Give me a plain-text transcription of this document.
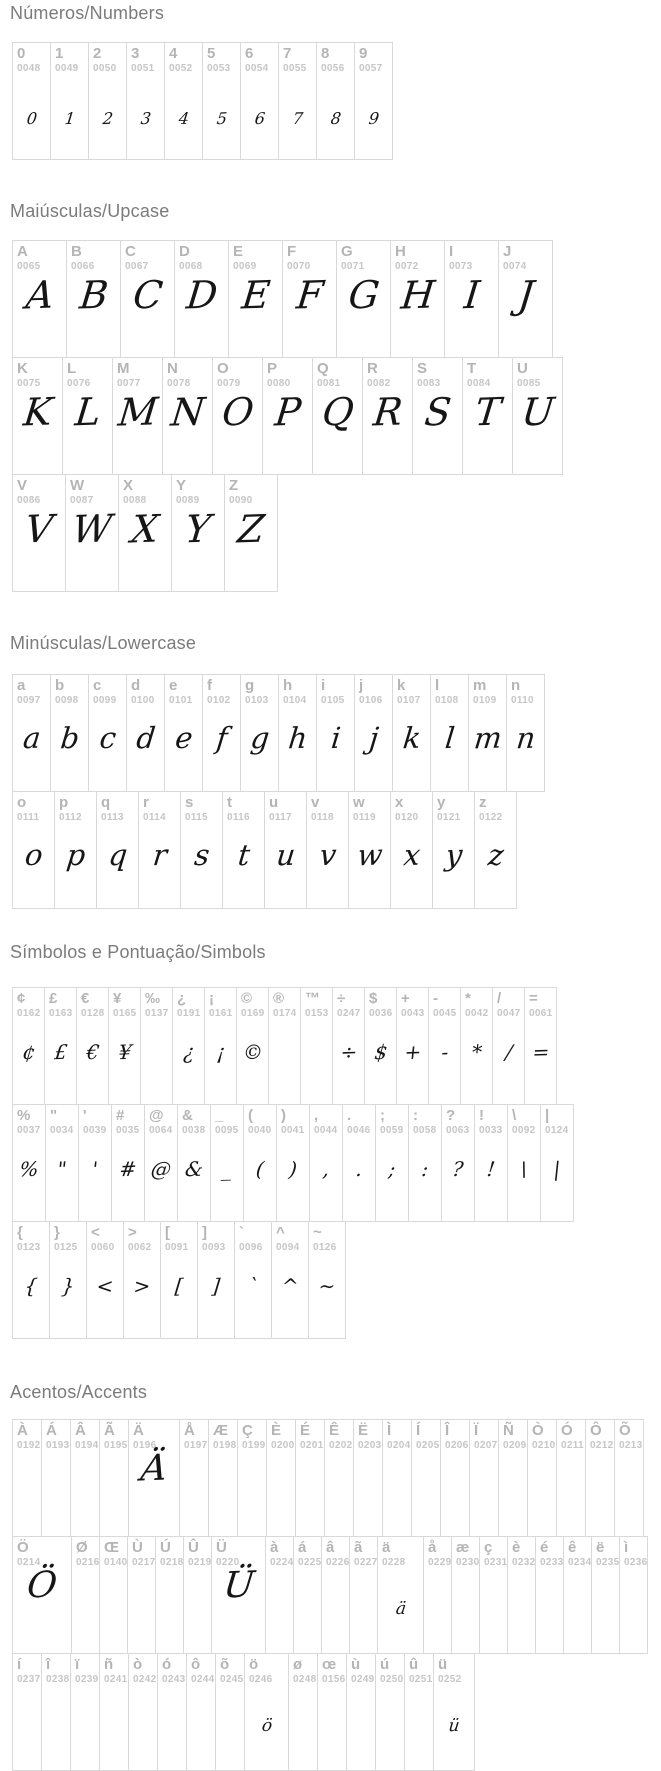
Números/Numbers
0
0048
0
1
0049
1
2
0050
2
3
0051
3
4
0052
4
5
0053
5
6
0054
6
7
0055
7
8
0056
8
9
0057
9
Maiúsculas/Upcase
A
0065
A
B
0066
B
C
0067
C
D
0068
D
E
0069
E
F
0070
F
G
0071
G
H
0072
H
I
0073
I
J
0074
J
K
0075
K
L
0076
L
M
0077
M
N
0078
N
O
0079
O
P
0080
P
Q
0081
Q
R
0082
R
S
0083
S
T
0084
T
U
0085
U
V
0086
V
W
0087
W
X
0088
X
Y
0089
Y
Z
0090
Z
Minúsculas/Lowercase
a
0097
a
b
0098
b
c
0099
c
d
0100
d
e
0101
e
f
0102
f
g
0103
g
h
0104
h
i
0105
i
j
0106
j
k
0107
k
l
0108
l
m
0109
m
n
0110
n
o
0111
o
p
0112
p
q
0113
q
r
0114
r
s
0115
s
t
0116
t
u
0117
u
v
0118
v
w
0119
w
x
0120
x
y
0121
y
z
0122
z
Símbolos e Pontuação/Simbols
¢
0162
¢
£
0163
£
€
0128
€
¥
0165
¥
‰
0137
¿
0191
¿
¡
0161
¡
©
0169
©
®
0174
™
0153
÷
0247
÷
$
0036
$
+
0043
+
-
0045
-
*
0042
*
/
0047
/
=
0061
=
%
0037
%
"
0034
"
'
0039
'
#
0035
#
@
0064
@
&
0038
&
_
0095
_
(
0040
(
)
0041
)
,
0044
,
.
0046
.
;
0059
;
:
0058
:
?
0063
?
!
0033
!
\
0092
\
|
0124
|
{
0123
{
}
0125
}
<
0060
<
>
0062
>
[
0091
[
]
0093
]
`
0096
`
^
0094
^
~
0126
~
Acentos/Accents
À
0192
Á
0193
Â
0194
Ã
0195
Ä
0196
Ä
Å
0197
Æ
0198
Ç
0199
È
0200
É
0201
Ê
0202
Ë
0203
Ì
0204
Í
0205
Î
0206
Ï
0207
Ñ
0209
Ò
0210
Ó
0211
Ô
0212
Õ
0213
Ö
0214
Ö
Ø
0216
Œ
0140
Ù
0217
Ú
0218
Û
0219
Ü
0220
Ü
à
0224
á
0225
â
0226
ã
0227
ä
0228
ä
å
0229
æ
0230
ç
0231
è
0232
é
0233
ê
0234
ë
0235
ì
0236
í
0237
î
0238
ï
0239
ñ
0241
ò
0242
ó
0243
ô
0244
õ
0245
ö
0246
ö
ø
0248
œ
0156
ù
0249
ú
0250
û
0251
ü
0252
ü
